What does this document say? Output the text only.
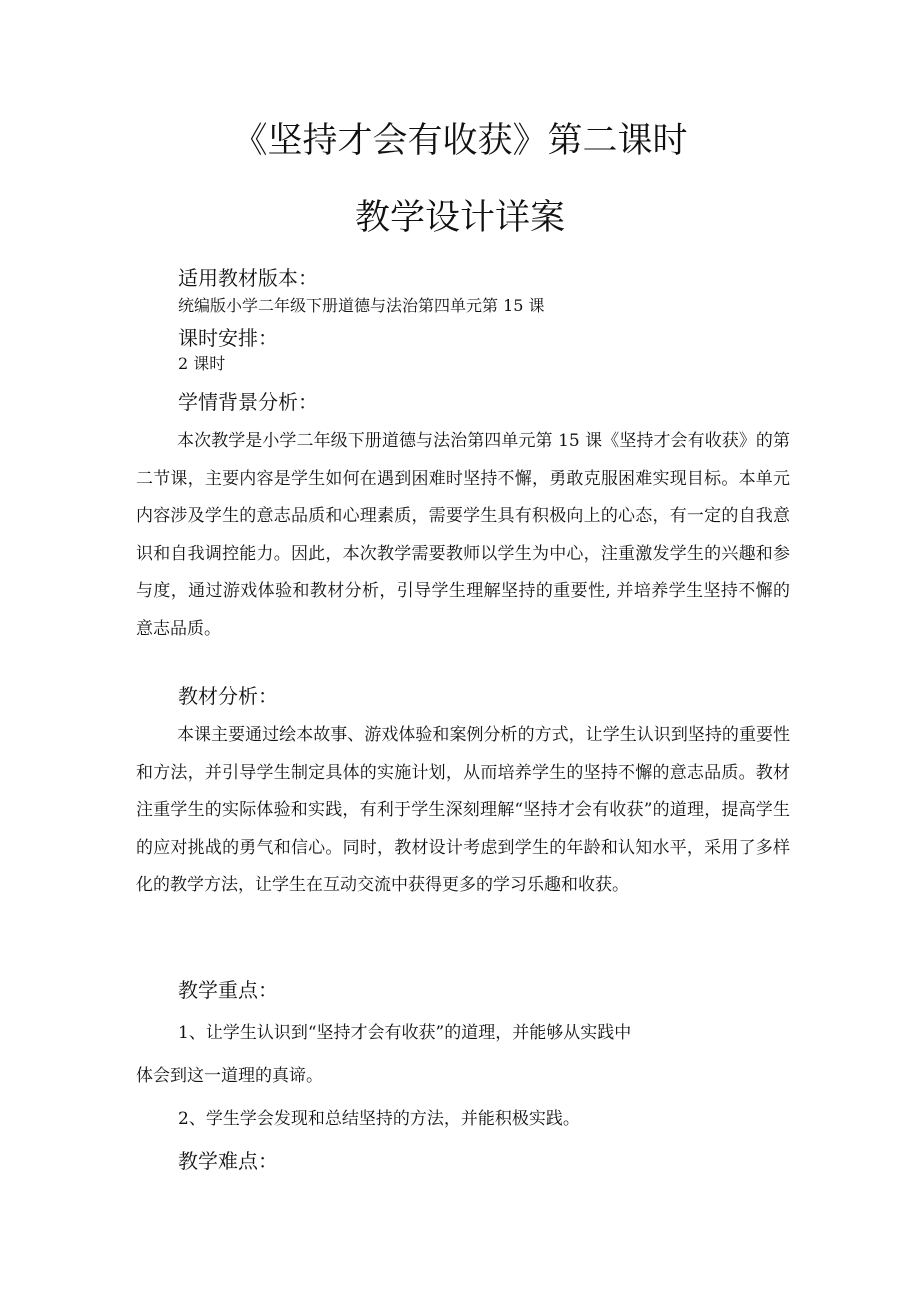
《坚持才会有收获》第二课时
教学设计详案
适用教材版本：
统编版小学二年级下册道德与法治第四单元第 15 课
课时安排：
2 课时
学情背景分析：

本次教学是小学二年级下册道德与法治第四单元第 15 课《坚持才会有收获》的第二节课，主要内容是学生如何在遇到困难时坚持不懈，勇敢克服困难实现目标。本单元内容涉及学生的意志品质和心理素质，需要学生具有积极向上的心态，有一定的自我意识和自我调控能力。因此，本次教学需要教师以学生为中心，注重激发学生的兴趣和参与度，通过游戏体验和教材分析，引导学生理解坚持的重要性, 并培养学生坚持不懈的意志品质。

教材分析：

本课主要通过绘本故事、游戏体验和案例分析的方式，让学生认识到坚持的重要性和方法，并引导学生制定具体的实施计划，从而培养学生的坚持不懈的意志品质。教材注重学生的实际体验和实践，有利于学生深刻理解“坚持才会有收获”的道理，提高学生的应对挑战的勇气和信心。同时，教材设计考虑到学生的年龄和认知水平，采用了多样化的教学方法，让学生在互动交流中获得更多的学习乐趣和收获。

教学重点：
1、让学生认识到“坚持才会有收获”的道理，并能够从实践中
体会到这一道理的真谛。
2、学生学会发现和总结坚持的方法，并能积极实践。
教学难点：
